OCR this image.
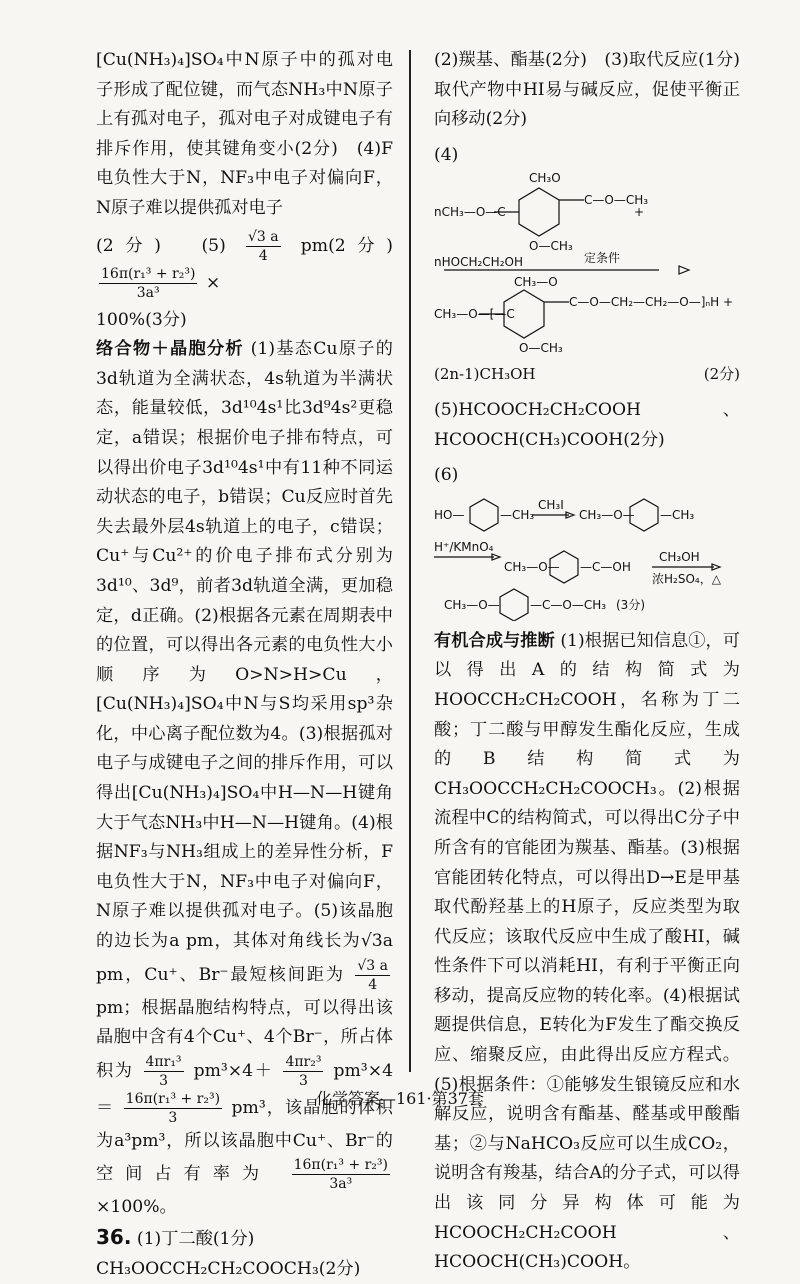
[Cu(NH₃)₄]SO₄中N原子中的孤对电子形成了配位键，而气态NH₃中N原子上有孤对电子，孤对电子对成键电子有排斥作用，使其键角变小(2分)　(4)F电负性大于N，NF₃中电子对偏向F，N原子难以提供孤对电子

(2分)　$(5) \frac{√3 a}{4} pm(2$分)
$\frac{\text{16π(r₁³ + r₂³)}}{\text{3a³}}$ ×

100%(3分)

络合物＋晶胞分析 (1)基态Cu原子的3d轨道为全满状态，4s轨道为半满状态，能量较低，3d¹⁰4s¹比3d⁹4s²更稳定，a错误；根据价电子排布特点，可以得出价电子3d¹⁰4s¹中有11种不同运动状态的电子，b错误；Cu反应时首先失去最外层4s轨道上的电子，c错误；Cu⁺与Cu²⁺的价电子排布式分别为3d¹⁰、3d⁹，前者3d轨道全满，更加稳定，d正确。(2)根据各元素在周期表中的位置，可以得出各元素的电负性大小顺序为O>N>H>Cu，[Cu(NH₃)₄]SO₄中N与S均采用sp³杂化，中心离子配位数为4。(3)根据孤对电子与成键电子之间的排斥作用，可以得出[Cu(NH₃)₄]SO₄中H—N—H键角大于气态NH₃中H—N—H键角。(4)根据NF₃与NH₃组成上的差异性分析，F电负性大于N，NF₃中电子对偏向F，N原子难以提供孤对电子。(5)该晶胞的边长为a pm，其体对角线长为√3a pm，Cu⁺、Br⁻最短核间距为 $\frac{√3 a}{4}$
pm；根据晶胞结构特点，可以得出该晶胞中含有4个Cu⁺、4个Br⁻，所占体积为 $\frac{\text{4πr₁³}}{3} pm^3\times 4+ \frac{\text{4πr₂³}}{3} pm^3\times 4= \frac{\text{16π(r₁³ + r₂³)}}{3} pm^3$，该晶胞的体积为a³pm³，所以该晶胞中Cu⁺、Br⁻的空间占有率为 $\frac{\text{16π(r₁³ + r₂³)}}{\text{3a³}}$
×100%。

36. (1)丁二酸(1分)

CH₃OOCCH₂CH₂COOCH₃(2分)

(2)羰基、酯基(2分)　(3)取代反应(1分)　取代产物中HI易与碱反应，促使平衡正向移动(2分)

(4)
CH₃O
C—O—CH₃
nCH₃—O—C
O—CH₃
+
nHOCH₂CH₂OH	定条件
CH₃—O
CH₃—O—[—C
C—O—CH₂—CH₂—O—]ₙH +
O—CH₃
(2n-1)CH₃OH	(2分)

(5)HCOOCH₂CH₂COOH、HCOOCH(CH₃)COOH(2分)

(6)
HO—	—CH₃
CH₃I
CH₃—O— —CH₃
H⁺/KMnO₄
CH₃—O— —C—OH
CH₃OH
浓H₂SO₄，△
CH₃—O—	—C—O—CH₃ (3分)

有机合成与推断 (1)根据已知信息①，可以得出A的结构简式为HOOCCH₂CH₂COOH，名称为丁二酸；丁二酸与甲醇发生酯化反应，生成的B结构简式为CH₃OOCCH₂CH₂COOCH₃。(2)根据流程中C的结构简式，可以得出C分子中所含有的官能团为羰基、酯基。(3)根据官能团转化特点，可以得出D→E是甲基取代酚羟基上的H原子，反应类型为取代反应；该取代反应中生成了酸HI，碱性条件下可以消耗HI，有利于平衡正向移动，提高反应物的转化率。(4)根据试题提供信息，E转化为F发生了酯交换反应、缩聚反应，由此得出反应方程式。(5)根据条件：①能够发生银镜反应和水解反应，说明含有酯基、醛基或甲酸酯基；②与NaHCO₃反应可以生成CO₂，说明含有羧基，结合A的分子式，可以得出该同分异构体可能为HCOOCH₂CH₂COOH、HCOOCH(CH₃)COOH。

化学答案—161·第37套
